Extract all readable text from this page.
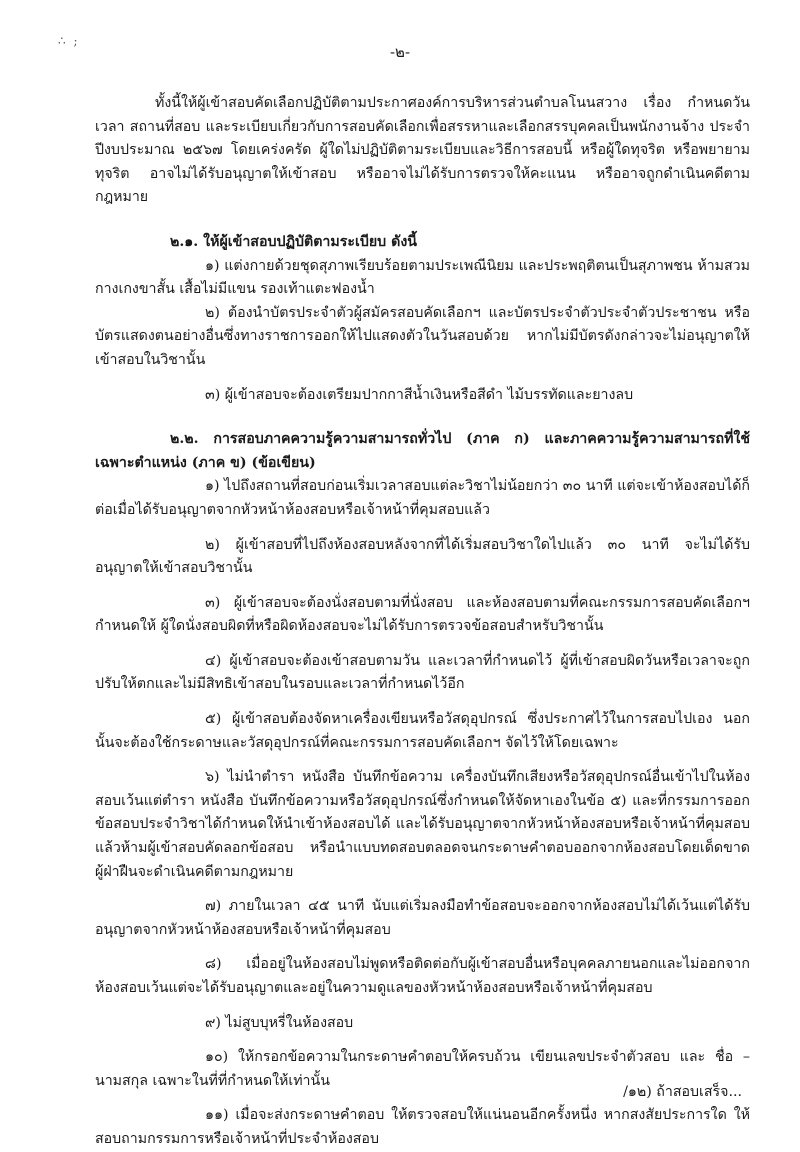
∴ ;
-๒-

ทั้งนี้ให้ผู้เข้าสอบคัดเลือกปฏิบัติตามประกาศองค์การบริหารส่วนตำบลโนนสวาง เรื่อง กำหนดวัน เวลา สถานที่สอบ และระเบียบเกี่ยวกับการสอบคัดเลือกเพื่อสรรหาและเลือกสรรบุคคลเป็นพนักงานจ้าง ประจำปีงบประมาณ ๒๕๖๗ โดยเคร่งครัด ผู้ใดไม่ปฏิบัติตามระเบียบและวิธีการสอบนี้ หรือผู้ใดทุจริต หรือพยายามทุจริต อาจไม่ได้รับอนุญาตให้เข้าสอบ หรืออาจไม่ได้รับการตรวจให้คะแนน หรืออาจถูกดำเนินคดีตามกฎหมาย

๒.๑. ให้ผู้เข้าสอบปฏิบัติตามระเบียบ ดังนี้

๑) แต่งกายด้วยชุดสุภาพเรียบร้อยตามประเพณีนิยม และประพฤติตนเป็นสุภาพชน ห้ามสวมกางเกงขาสั้น เสื้อไม่มีแขน รองเท้าแตะฟองน้ำ

๒) ต้องนำบัตรประจำตัวผู้สมัครสอบคัดเลือกฯ และบัตรประจำตัวประจำตัวประชาชน หรือบัตรแสดงตนอย่างอื่นซึ่งทางราชการออกให้ไปแสดงตัวในวันสอบด้วย หากไม่มีบัตรดังกล่าวจะไม่อนุญาตให้เข้าสอบในวิชานั้น

๓) ผู้เข้าสอบจะต้องเตรียมปากกาสีน้ำเงินหรือสีดำ ไม้บรรทัดและยางลบ

๒.๒. การสอบภาคความรู้ความสามารถทั่วไป (ภาค ก) และภาคความรู้ความสามารถที่ใช้เฉพาะตำแหน่ง (ภาค ข) (ข้อเขียน)

๑) ไปถึงสถานที่สอบก่อนเริ่มเวลาสอบแต่ละวิชาไม่น้อยกว่า ๓๐ นาที แต่จะเข้าห้องสอบได้ก็ต่อเมื่อได้รับอนุญาตจากหัวหน้าห้องสอบหรือเจ้าหน้าที่คุมสอบแล้ว

๒) ผู้เข้าสอบที่ไปถึงห้องสอบหลังจากที่ได้เริ่มสอบวิชาใดไปแล้ว ๓๐ นาที จะไม่ได้รับอนุญาตให้เข้าสอบวิชานั้น

๓) ผู้เข้าสอบจะต้องนั่งสอบตามที่นั่งสอบ และห้องสอบตามที่คณะกรรมการสอบคัดเลือกฯ กำหนดให้ ผู้ใดนั่งสอบผิดที่หรือผิดห้องสอบจะไม่ได้รับการตรวจข้อสอบสำหรับวิชานั้น

๔) ผู้เข้าสอบจะต้องเข้าสอบตามวัน และเวลาที่กำหนดไว้ ผู้ที่เข้าสอบผิดวันหรือเวลาจะถูกปรับให้ตกและไม่มีสิทธิเข้าสอบในรอบและเวลาที่กำหนดไว้อีก

๕) ผู้เข้าสอบต้องจัดหาเครื่องเขียนหรือวัสดุอุปกรณ์ ซึ่งประกาศไว้ในการสอบไปเอง นอกนั้นจะต้องใช้กระดาษและวัสดุอุปกรณ์ที่คณะกรรมการสอบคัดเลือกฯ จัดไว้ให้โดยเฉพาะ

๖) ไม่นำตำรา หนังสือ บันทึกข้อความ เครื่องบันทึกเสียงหรือวัสดุอุปกรณ์อื่นเข้าไปในห้องสอบเว้นแต่ตำรา หนังสือ บันทึกข้อความหรือวัสดุอุปกรณ์ซึ่งกำหนดให้จัดหาเองในข้อ ๕) และที่กรรมการออกข้อสอบประจำวิชาได้กำหนดให้นำเข้าห้องสอบได้ และได้รับอนุญาตจากหัวหน้าห้องสอบหรือเจ้าหน้าที่คุมสอบแล้วห้ามผู้เข้าสอบคัดลอกข้อสอบ หรือนำแบบทดสอบตลอดจนกระดาษคำตอบออกจากห้องสอบโดยเด็ดขาด ผู้ฝ่าฝืนจะดำเนินคดีตามกฎหมาย

๗) ภายในเวลา ๔๕ นาที นับแต่เริ่มลงมือทำข้อสอบจะออกจากห้องสอบไม่ได้เว้นแต่ได้รับอนุญาตจากหัวหน้าห้องสอบหรือเจ้าหน้าที่คุมสอบ

๘) เมื่ออยู่ในห้องสอบไม่พูดหรือติดต่อกับผู้เข้าสอบอื่นหรือบุคคลภายนอกและไม่ออกจากห้องสอบเว้นแต่จะได้รับอนุญาตและอยู่ในความดูแลของหัวหน้าห้องสอบหรือเจ้าหน้าที่คุมสอบ

๙) ไม่สูบบุหรี่ในห้องสอบ

๑๐) ให้กรอกข้อความในกระดาษคำตอบให้ครบถ้วน เขียนเลขประจำตัวสอบ และ ชื่อ – นามสกุล เฉพาะในที่ที่กำหนดให้เท่านั้น

๑๑) เมื่อจะส่งกระดาษคำตอบ ให้ตรวจสอบให้แน่นอนอีกครั้งหนึ่ง หากสงสัยประการใด ให้สอบถามกรรมการหรือเจ้าหน้าที่ประจำห้องสอบ

/๑๒) ถ้าสอบเสร็จ...
